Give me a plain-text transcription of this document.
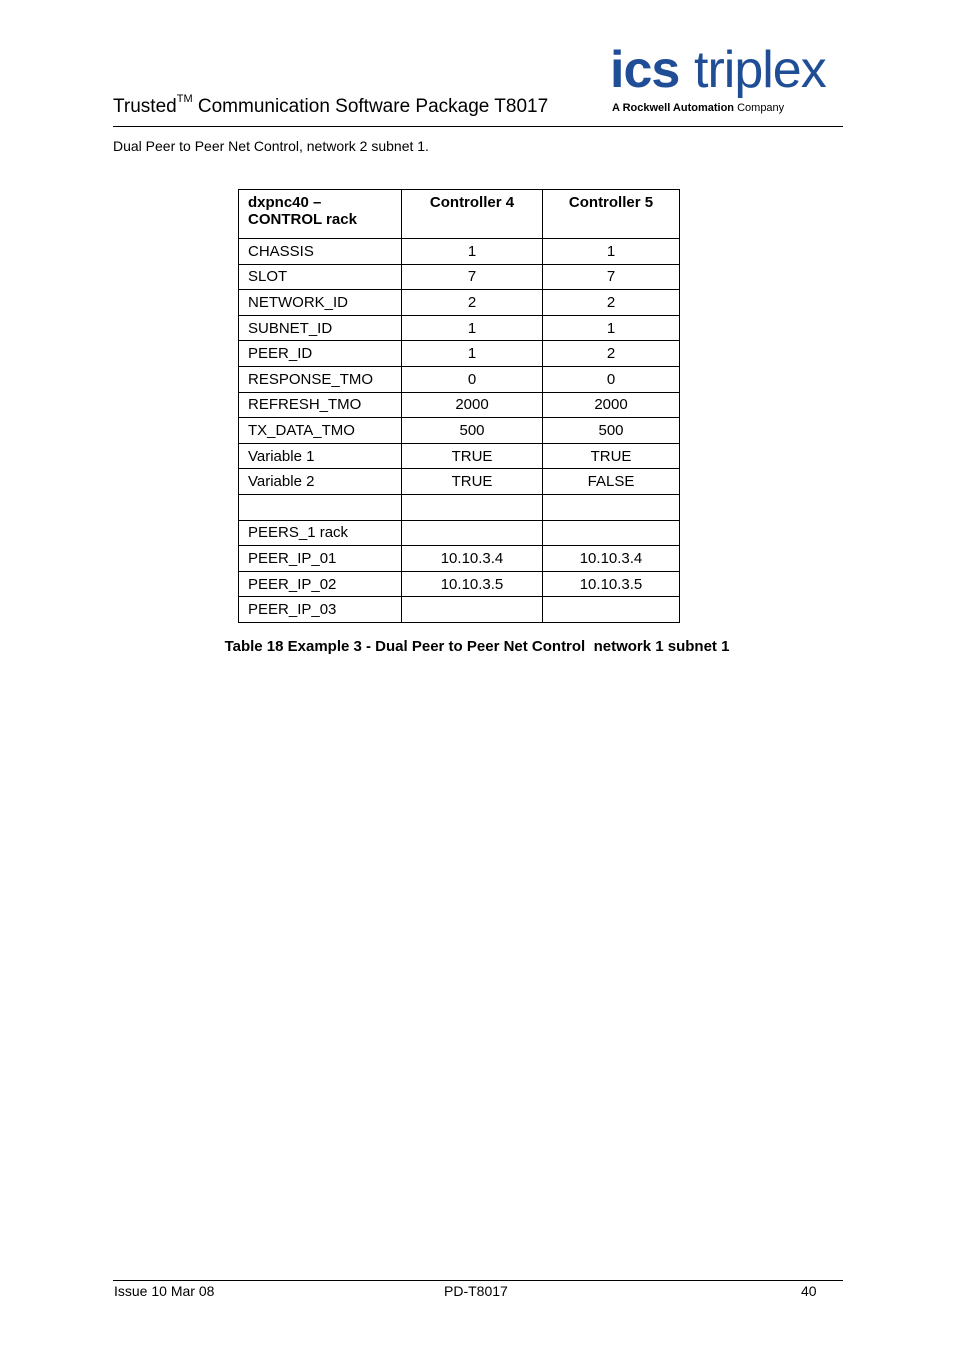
Trusted™ Communication Software Package T8017
ics triplex
A Rockwell Automation Company
Dual Peer to Peer Net Control, network 2 subnet 1.
dxpnc40 –
CONTROL rack	Controller 4	Controller 5
CHASSIS	1	1
SLOT	7	7
NETWORK_ID	2	2
SUBNET_ID	1	1
PEER_ID	1	2
RESPONSE_TMO	0	0
REFRESH_TMO	2000	2000
TX_DATA_TMO	500	500
Variable 1	TRUE	TRUE
Variable 2	TRUE	FALSE

PEERS_1 rack		
PEER_IP_01	10.10.3.4	10.10.3.4
PEER_IP_02	10.10.3.5	10.10.3.5
PEER_IP_03		
Table 18 Example 3 - Dual Peer to Peer Net Control  network 1 subnet 1
Issue 10 Mar 08	PD-T8017	40
